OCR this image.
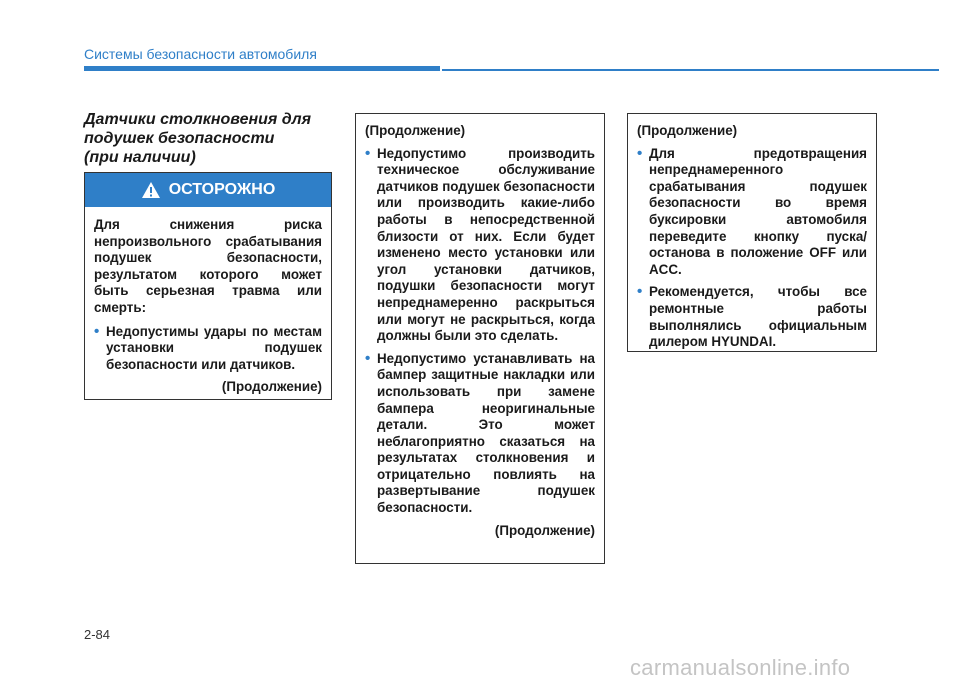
Системы безопасности автомобиля
Датчики столкновения для
подушек безопасности
(при наличии)
ОСТОРОЖНО

Для снижения риска непроизвольного срабатывания подушек безопасности, результатом которого может быть серьезная травма или смерть:

• Недопустимы удары по местам установки подушек безопасности или датчиков.
(Продолжение)

(Продолжение)

• Недопустимо производить техническое обслуживание датчиков подушек безопасности или производить какие-либо работы в непосредственной близости от них. Если будет изменено место установки или угол установки датчиков, подушки безопасности могут непреднамеренно раскрыться или могут не раскрыться, когда должны были это сделать.
• Недопустимо устанавливать на бампер защитные накладки или использовать при замене бампера неоригинальные детали. Это может неблагоприятно сказаться на результатах столкновения и отрицательно повлиять на развертывание подушек безопасности.
(Продолжение)

(Продолжение)

• Для предотвращения непреднамеренного срабатывания подушек безопасности во время буксировки автомобиля переведите кнопку пуска/останова в положение OFF или ACC.
• Рекомендуется, чтобы все ремонтные работы выполнялись официальным дилером HYUNDAI.
2-84
carmanualsonline.info
